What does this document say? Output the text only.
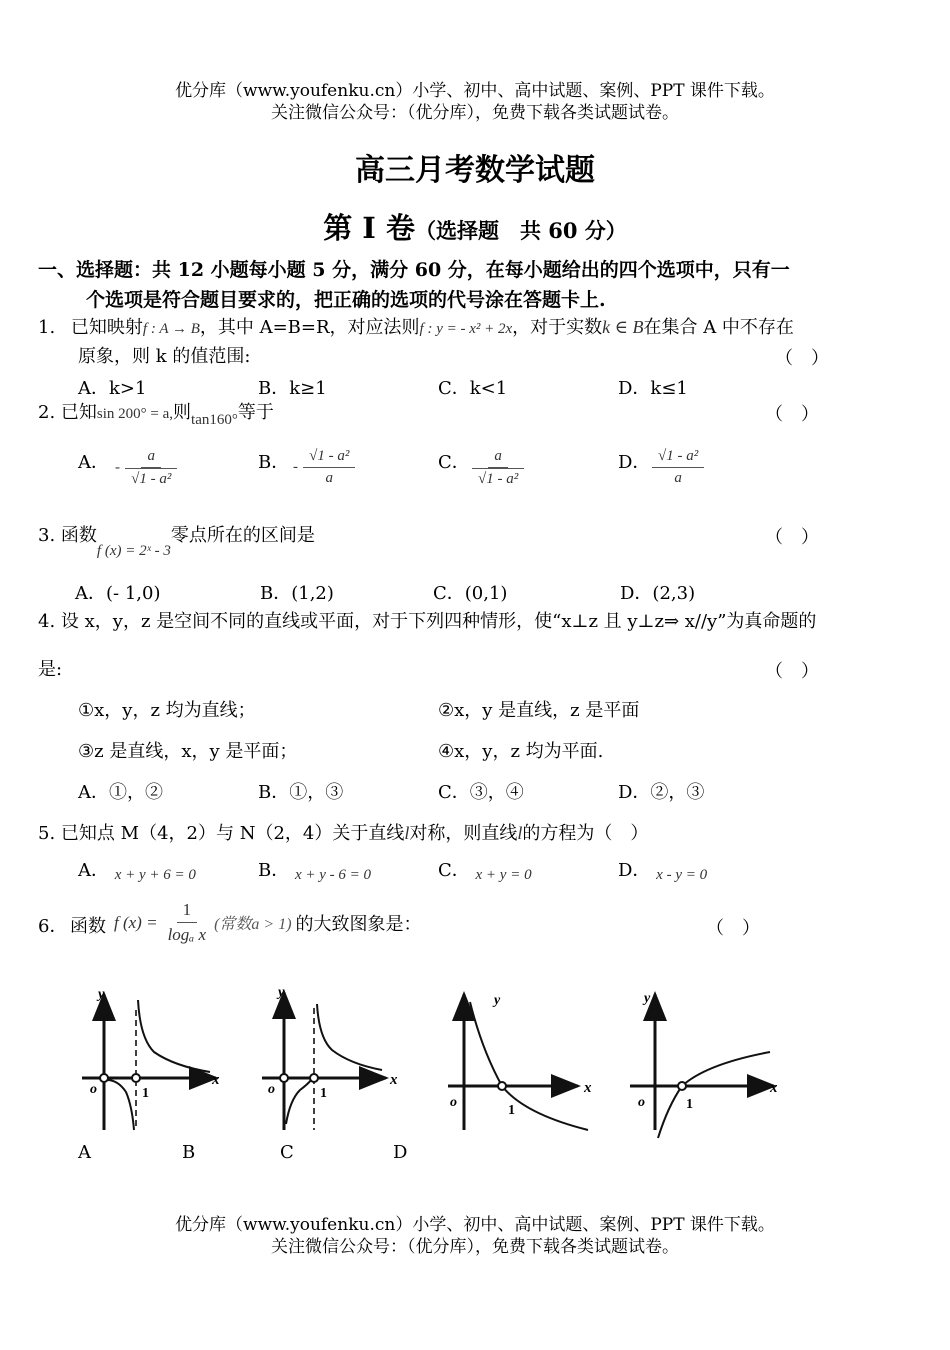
优分库（www.youfenku.cn）小学、初中、高中试题、案例、PPT 课件下载。
关注微信公众号：（优分库），免费下载各类试题试卷。
高三月考数学试题
第 I 卷（选择题　共 60 分）
一、选择题：共 12 小题每小题 5 分，满分 60 分，在每小题给出的四个选项中，只有一
个选项是符合题目要求的，把正确的选项的代号涂在答题卡上.
1. 已知映射f : A → B，其中 A=B=R，对应法则f : y = - x² + 2x，对于实数k ∈ B在集合 A 中不存在
原象，则 k 的值范围:	（　）
A．k>1	B．k≥1	C．k<1	D．k≤1
2. 已知sin 200° = a,则$_{tan160^\circ}$等于	（　）
A． - $\frac{a}{\text{√1 - a²}}$	B． - $\frac{\text{√1 - a²}}{a}$	C． $\frac{a}{\text{√1 - a²}}$	D． $\frac{\text{√1 - a²}}{a}$
3. 函数$_{f (x) = 2ˣ - 3}$零点所在的区间是	（　）
A．(- 1,0)	B．(1,2)	C．(0,1)	D．(2,3)
4. 设 x，y，z 是空间不同的直线或平面，对于下列四种情形，使“x⊥z 且 y⊥z⇒ x//y”为真命题的
是:	（　）
①x，y，z 均为直线；	②x，y 是直线，z 是平面
③z 是直线，x，y 是平面；	④x，y，z 均为平面.
A．①，②	B．①，③	C．③，④	D．②，③
5. 已知点 M（4，2）与 N（2，4）关于直线l对称，则直线l的方程为（　）
A． x + y + 6 = 0	B． x + y - 6 = 0	C． x + y = 0	D． x - y = 0
6． 函数 f $(x) = \frac{1}{\text{logₐ x}}$ (常数a > 1) 的大致图象是：	（　）
y
x
o	1
y
x
o	1
y
x
o
1
y
x
o	1
A	B	C	D
优分库（www.youfenku.cn）小学、初中、高中试题、案例、PPT 课件下载。
关注微信公众号：（优分库），免费下载各类试题试卷。
